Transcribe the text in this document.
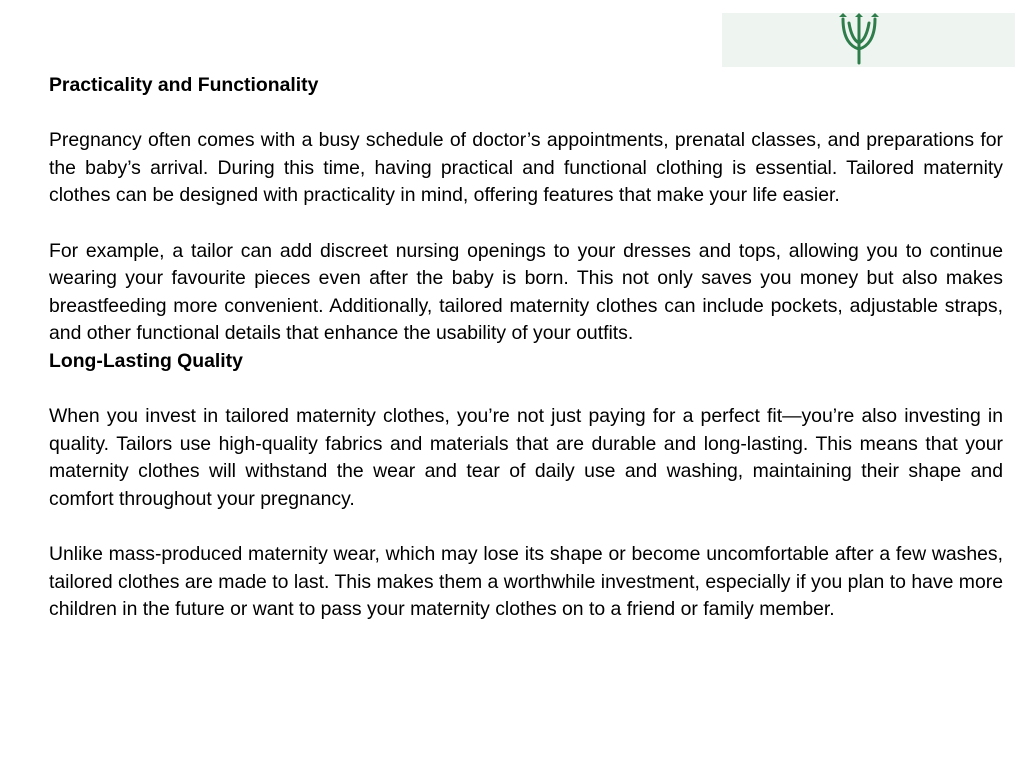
Practicality and Functionality

Pregnancy often comes with a busy schedule of doctor’s appointments, prenatal classes, and preparations for the baby’s arrival. During this time, having practical and functional clothing is essential. Tailored maternity clothes can be designed with practicality in mind, offering features that make your life easier.

For example, a tailor can add discreet nursing openings to your dresses and tops, allowing you to continue wearing your favourite pieces even after the baby is born. This not only saves you money but also makes breastfeeding more convenient. Additionally, tailored maternity clothes can include pockets, adjustable straps, and other functional details that enhance the usability of your outfits.

Long-Lasting Quality

When you invest in tailored maternity clothes, you’re not just paying for a perfect fit—you’re also investing in quality. Tailors use high-quality fabrics and materials that are durable and long-lasting. This means that your maternity clothes will withstand the wear and tear of daily use and washing, maintaining their shape and comfort throughout your pregnancy.

Unlike mass-produced maternity wear, which may lose its shape or become uncomfortable after a few washes, tailored clothes are made to last. This makes them a worthwhile investment, especially if you plan to have more children in the future or want to pass your maternity clothes on to a friend or family member.
